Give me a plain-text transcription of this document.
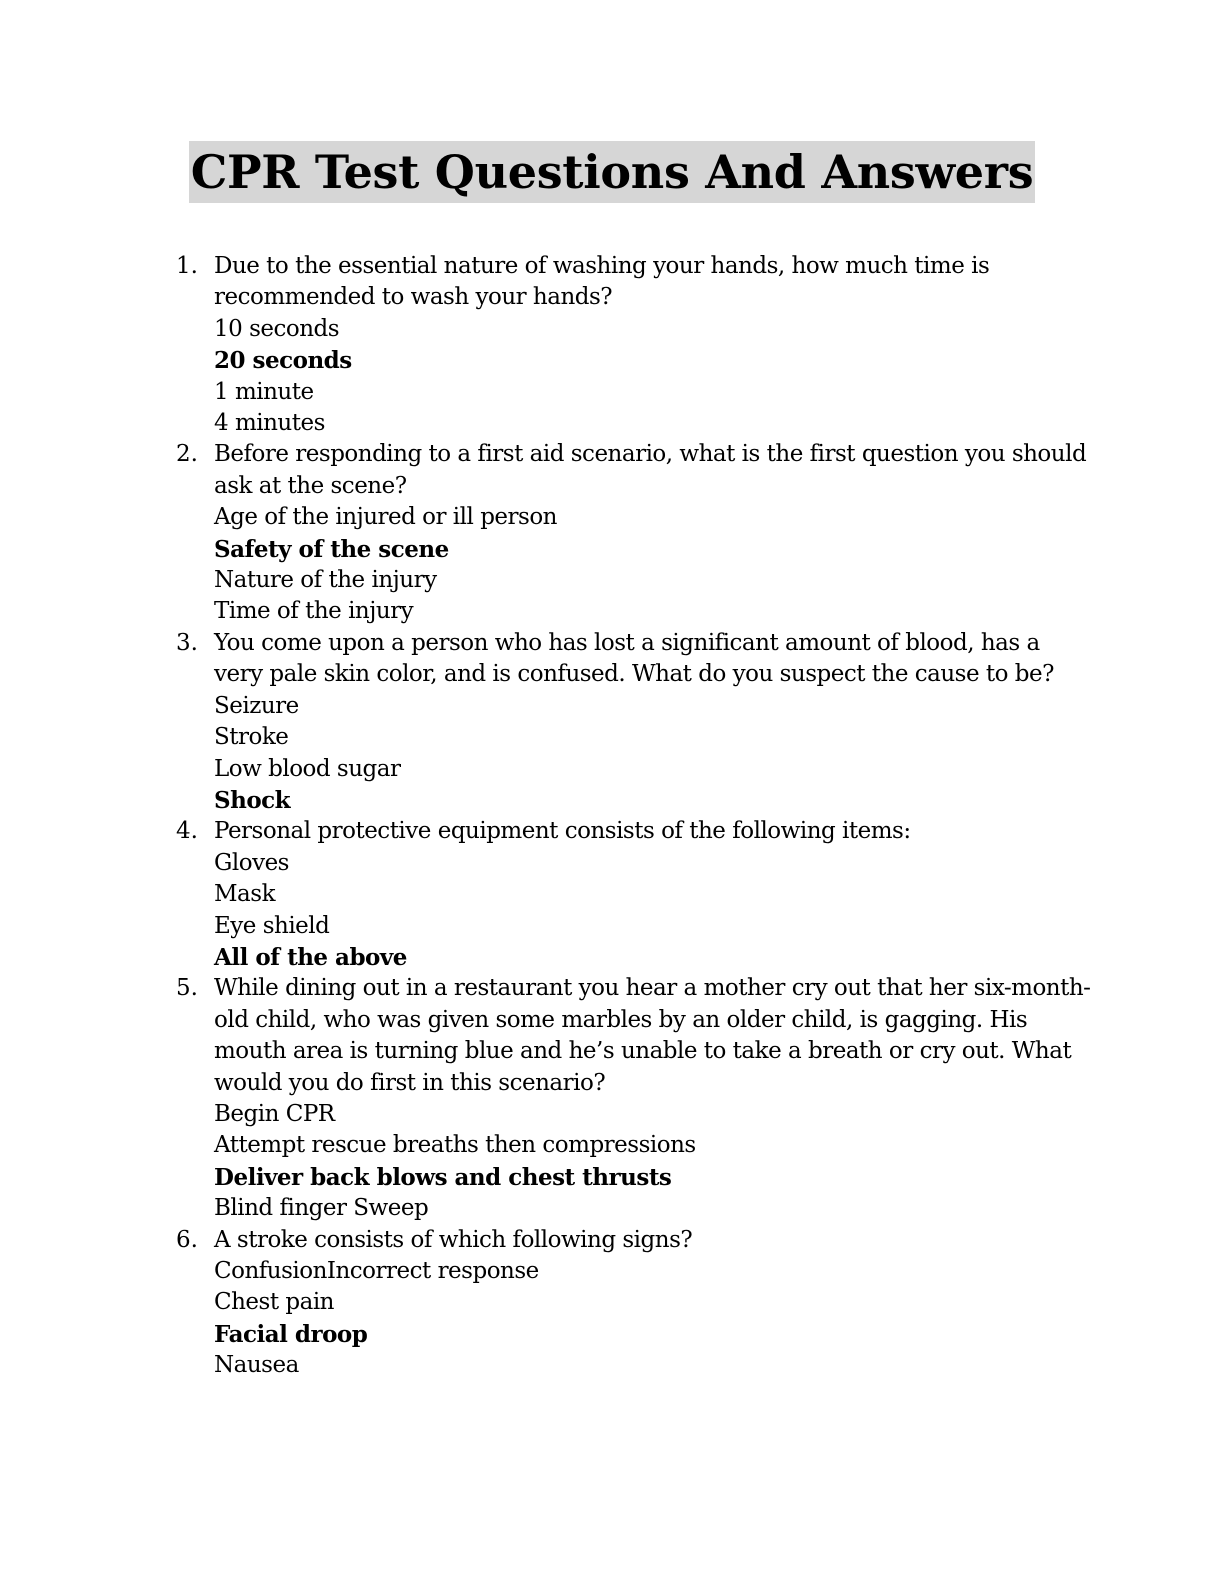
CPR Test Questions And Answers
1. Due to the essential nature of washing your hands, how much time is recommended to wash your hands?
10 seconds
20 seconds
1 minute
4 minutes
2. Before responding to a first aid scenario, what is the first question you should ask at the scene?
Age of the injured or ill person
Safety of the scene
Nature of the injury
Time of the injury
3. You come upon a person who has lost a significant amount of blood, has a very pale skin color, and is confused. What do you suspect the cause to be?
Seizure
Stroke
Low blood sugar
Shock
4. Personal protective equipment consists of the following items:
Gloves
Mask
Eye shield
All of the above
5. While dining out in a restaurant you hear a mother cry out that her six-month-old child, who was given some marbles by an older child, is gagging. His mouth area is turning blue and he’s unable to take a breath or cry out. What would you do first in this scenario?
Begin CPR
Attempt rescue breaths then compressions
Deliver back blows and chest thrusts
Blind finger Sweep
6. A stroke consists of which following signs?
ConfusionIncorrect response
Chest pain
Facial droop
Nausea
